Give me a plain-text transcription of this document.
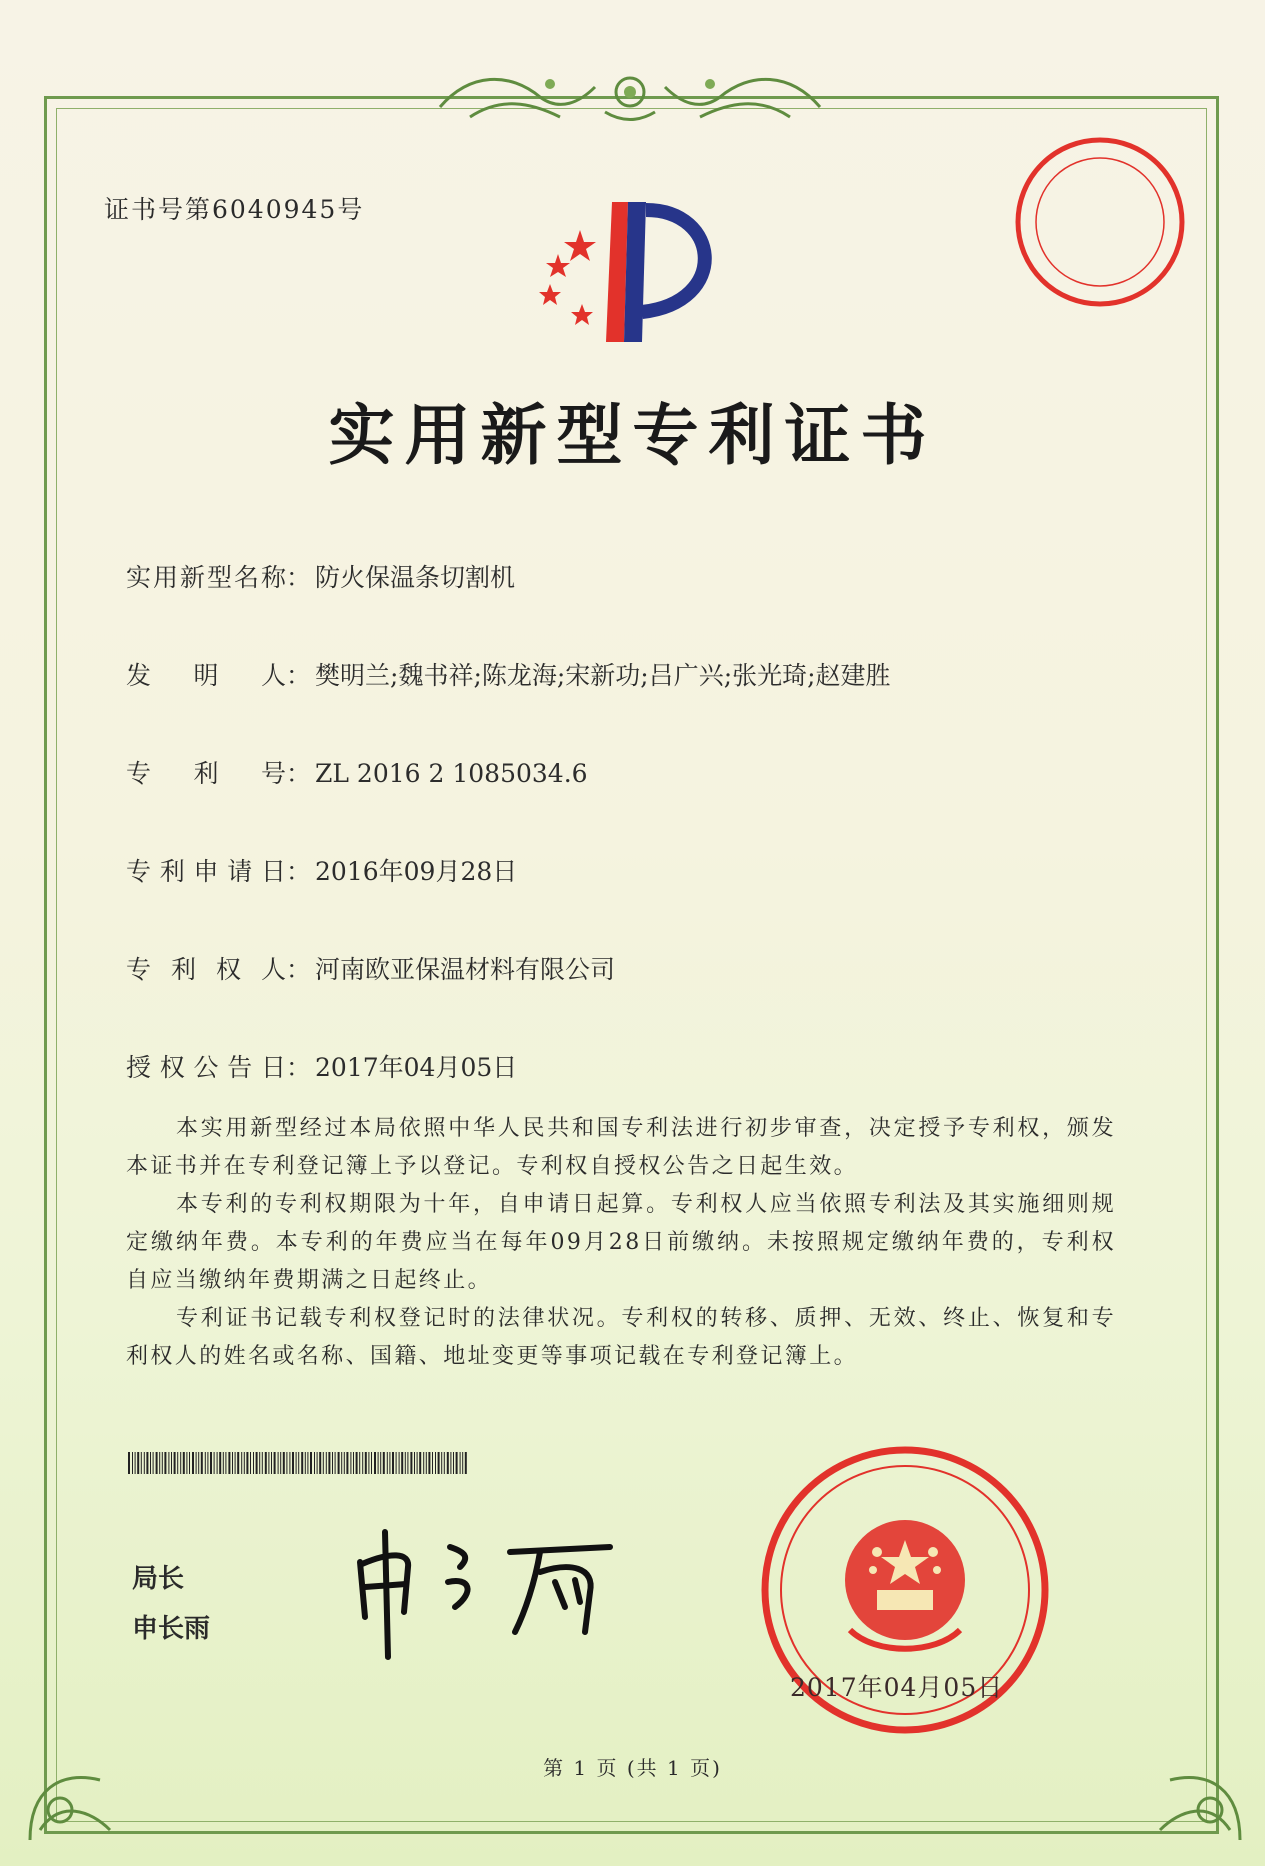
证书号第6040945号
实用新型专利证书
实用新型名称： 防火保温条切割机
发明人： 樊明兰;魏书祥;陈龙海;宋新功;吕广兴;张光琦;赵建胜
专利号： ZL 2016 2 1085034.6
专利申请日： 2016年09月28日
专利权人： 河南欧亚保温材料有限公司
授权公告日： 2017年04月05日

本实用新型经过本局依照中华人民共和国专利法进行初步审查，决定授予专利权，颁发本证书并在专利登记簿上予以登记。专利权自授权公告之日起生效。

本专利的专利权期限为十年，自申请日起算。专利权人应当依照专利法及其实施细则规定缴纳年费。本专利的年费应当在每年09月28日前缴纳。未按照规定缴纳年费的，专利权自应当缴纳年费期满之日起终止。

专利证书记载专利权登记时的法律状况。专利权的转移、质押、无效、终止、恢复和专利权人的姓名或名称、国籍、地址变更等事项记载在专利登记簿上。

局长
申长雨
2017年04月05日
第 1 页 (共 1 页)
